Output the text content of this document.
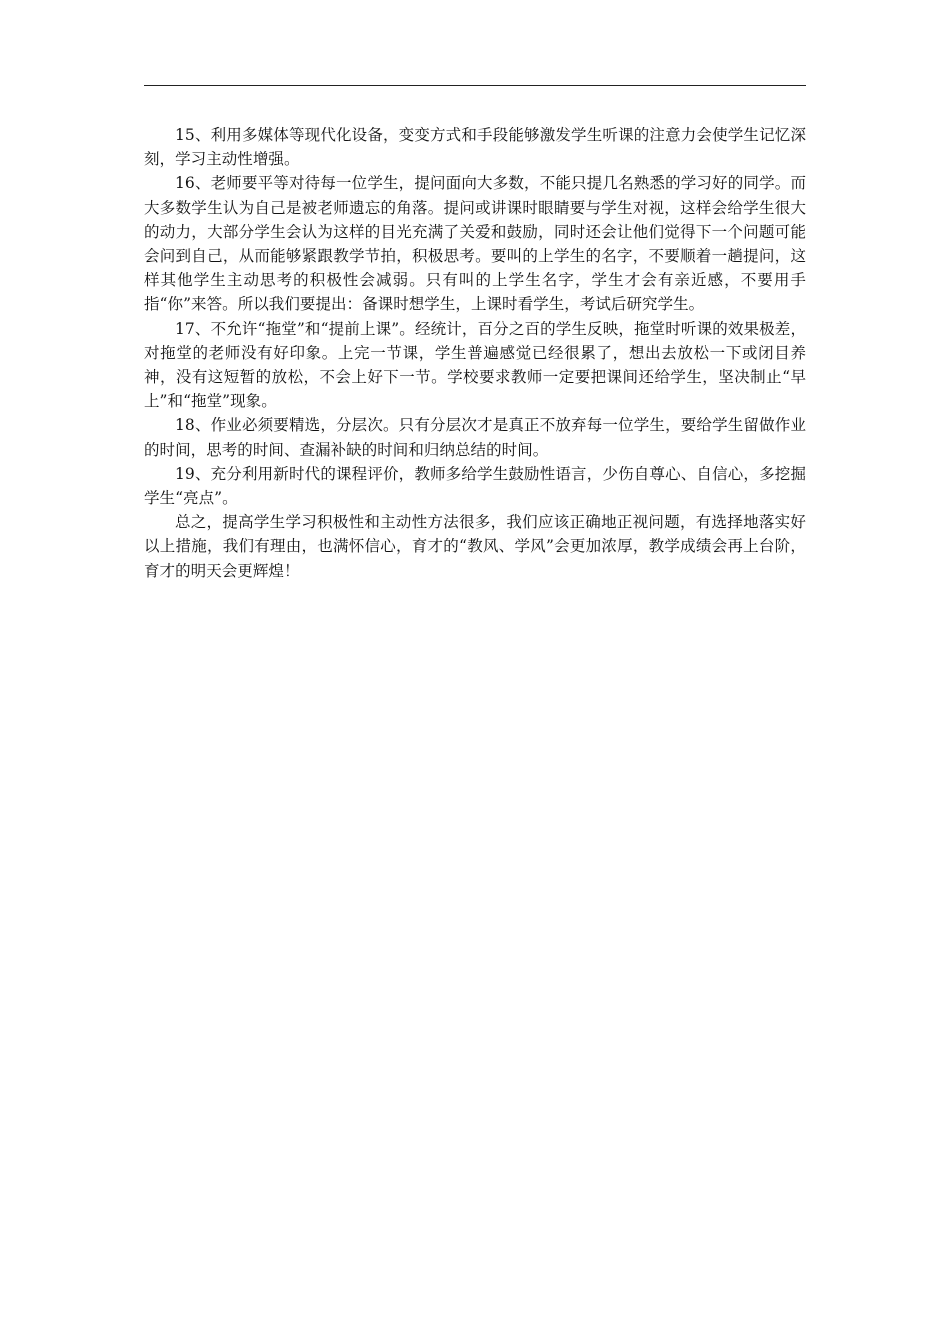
15、利用多媒体等现代化设备，变变方式和手段能够激发学生听课的注意力会使学生记忆深刻，学习主动性增强。

16、老师要平等对待每一位学生，提问面向大多数，不能只提几名熟悉的学习好的同学。而大多数学生认为自己是被老师遗忘的角落。提问或讲课时眼睛要与学生对视，这样会给学生很大的动力，大部分学生会认为这样的目光充满了关爱和鼓励，同时还会让他们觉得下一个问题可能会问到自己，从而能够紧跟教学节拍，积极思考。要叫的上学生的名字，不要顺着一趟提问，这样其他学生主动思考的积极性会减弱。只有叫的上学生名字，学生才会有亲近感，不要用手指“你”来答。所以我们要提出：备课时想学生，上课时看学生，考试后研究学生。

17、不允许“拖堂”和“提前上课”。经统计，百分之百的学生反映，拖堂时听课的效果极差，对拖堂的老师没有好印象。上完一节课，学生普遍感觉已经很累了，想出去放松一下或闭目养神，没有这短暂的放松，不会上好下一节。学校要求教师一定要把课间还给学生，坚决制止“早上”和“拖堂”现象。

18、作业必须要精选，分层次。只有分层次才是真正不放弃每一位学生，要给学生留做作业的时间，思考的时间、查漏补缺的时间和归纳总结的时间。

19、充分利用新时代的课程评价，教师多给学生鼓励性语言，少伤自尊心、自信心，多挖掘学生“亮点”。

总之，提高学生学习积极性和主动性方法很多，我们应该正确地正视问题，有选择地落实好以上措施，我们有理由，也满怀信心，育才的“教风、学风”会更加浓厚，教学成绩会再上台阶，育才的明天会更辉煌！
